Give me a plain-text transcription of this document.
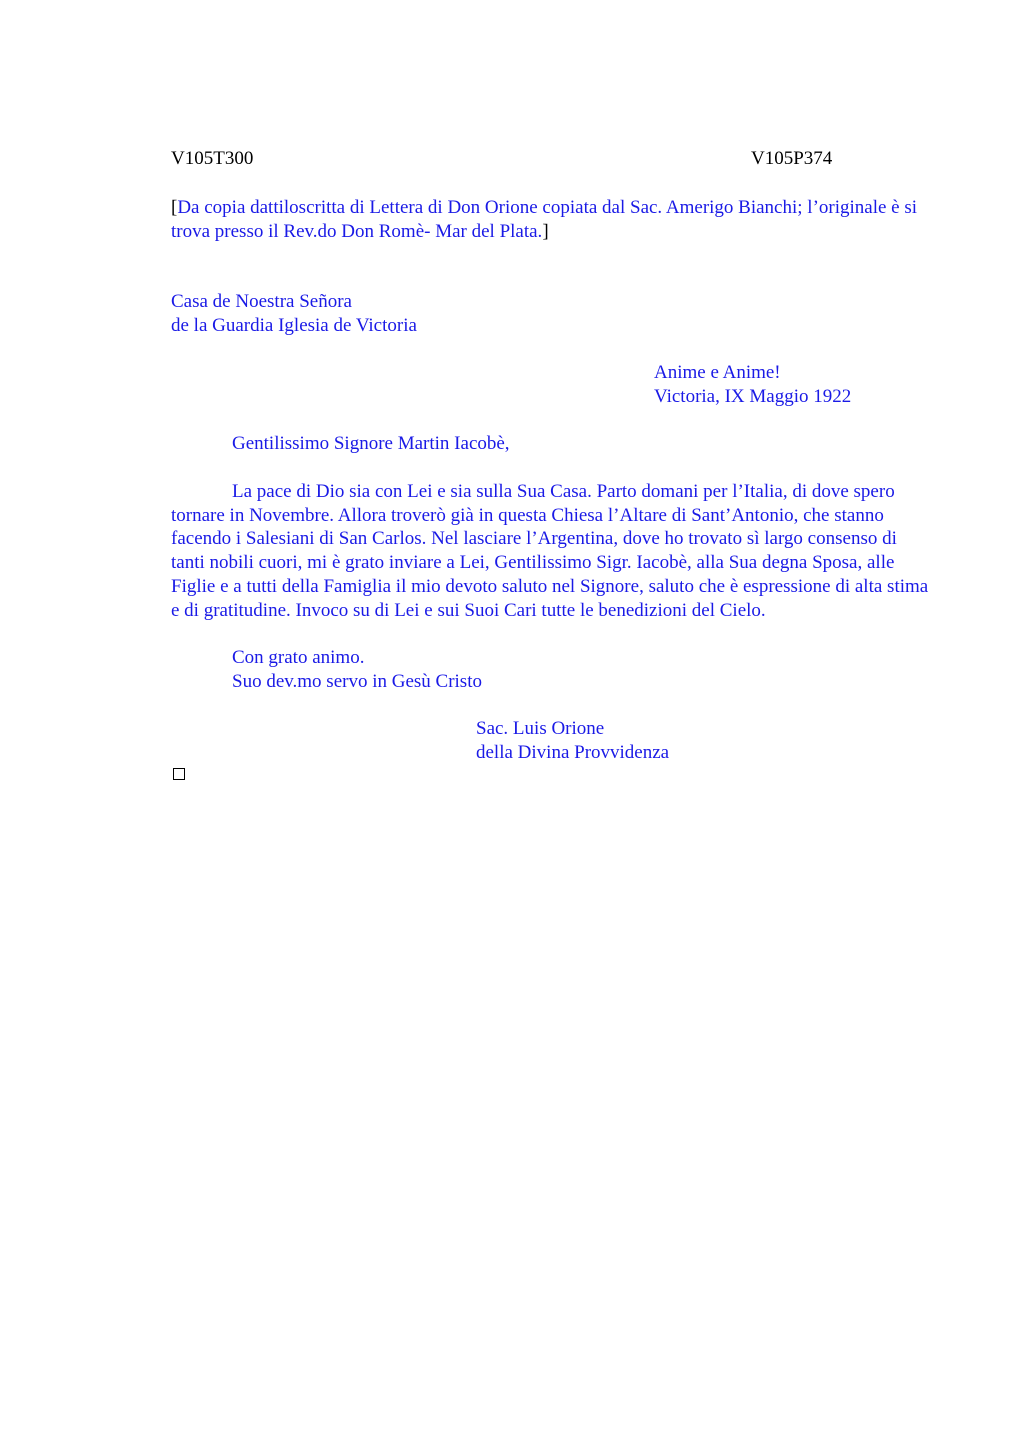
V105T300	V105P374
[Da copia dattiloscritta di Lettera di Don Orione copiata dal Sac. Amerigo Bianchi; l’originale è si trova presso il Rev.do Don Romè- Mar del Plata.]
Casa de Noestra Señora
de la Guardia Iglesia de Victoria
Anime e Anime!
Victoria, IX Maggio 1922
Gentilissimo Signore Martin Iacobè,

La pace di Dio sia con Lei e sia sulla Sua Casa. Parto domani per l’Italia, di dove spero tornare in Novembre. Allora troverò già in questa Chiesa l’Altare di Sant’Antonio, che stanno facendo i Salesiani di San Carlos. Nel lasciare l’Argentina, dove ho trovato sì largo consenso di tanti nobili cuori, mi è grato inviare a Lei, Gentilissimo Sigr. Iacobè, alla Sua degna Sposa, alle Figlie e a tutti della Famiglia il mio devoto saluto nel Signore, saluto che è espressione di alta stima e di gratitudine. Invoco su di Lei e sui Suoi Cari tutte le benedizioni del Cielo.

Con grato animo.
Suo dev.mo servo in Gesù Cristo
Sac. Luis Orione
della Divina Provvidenza
